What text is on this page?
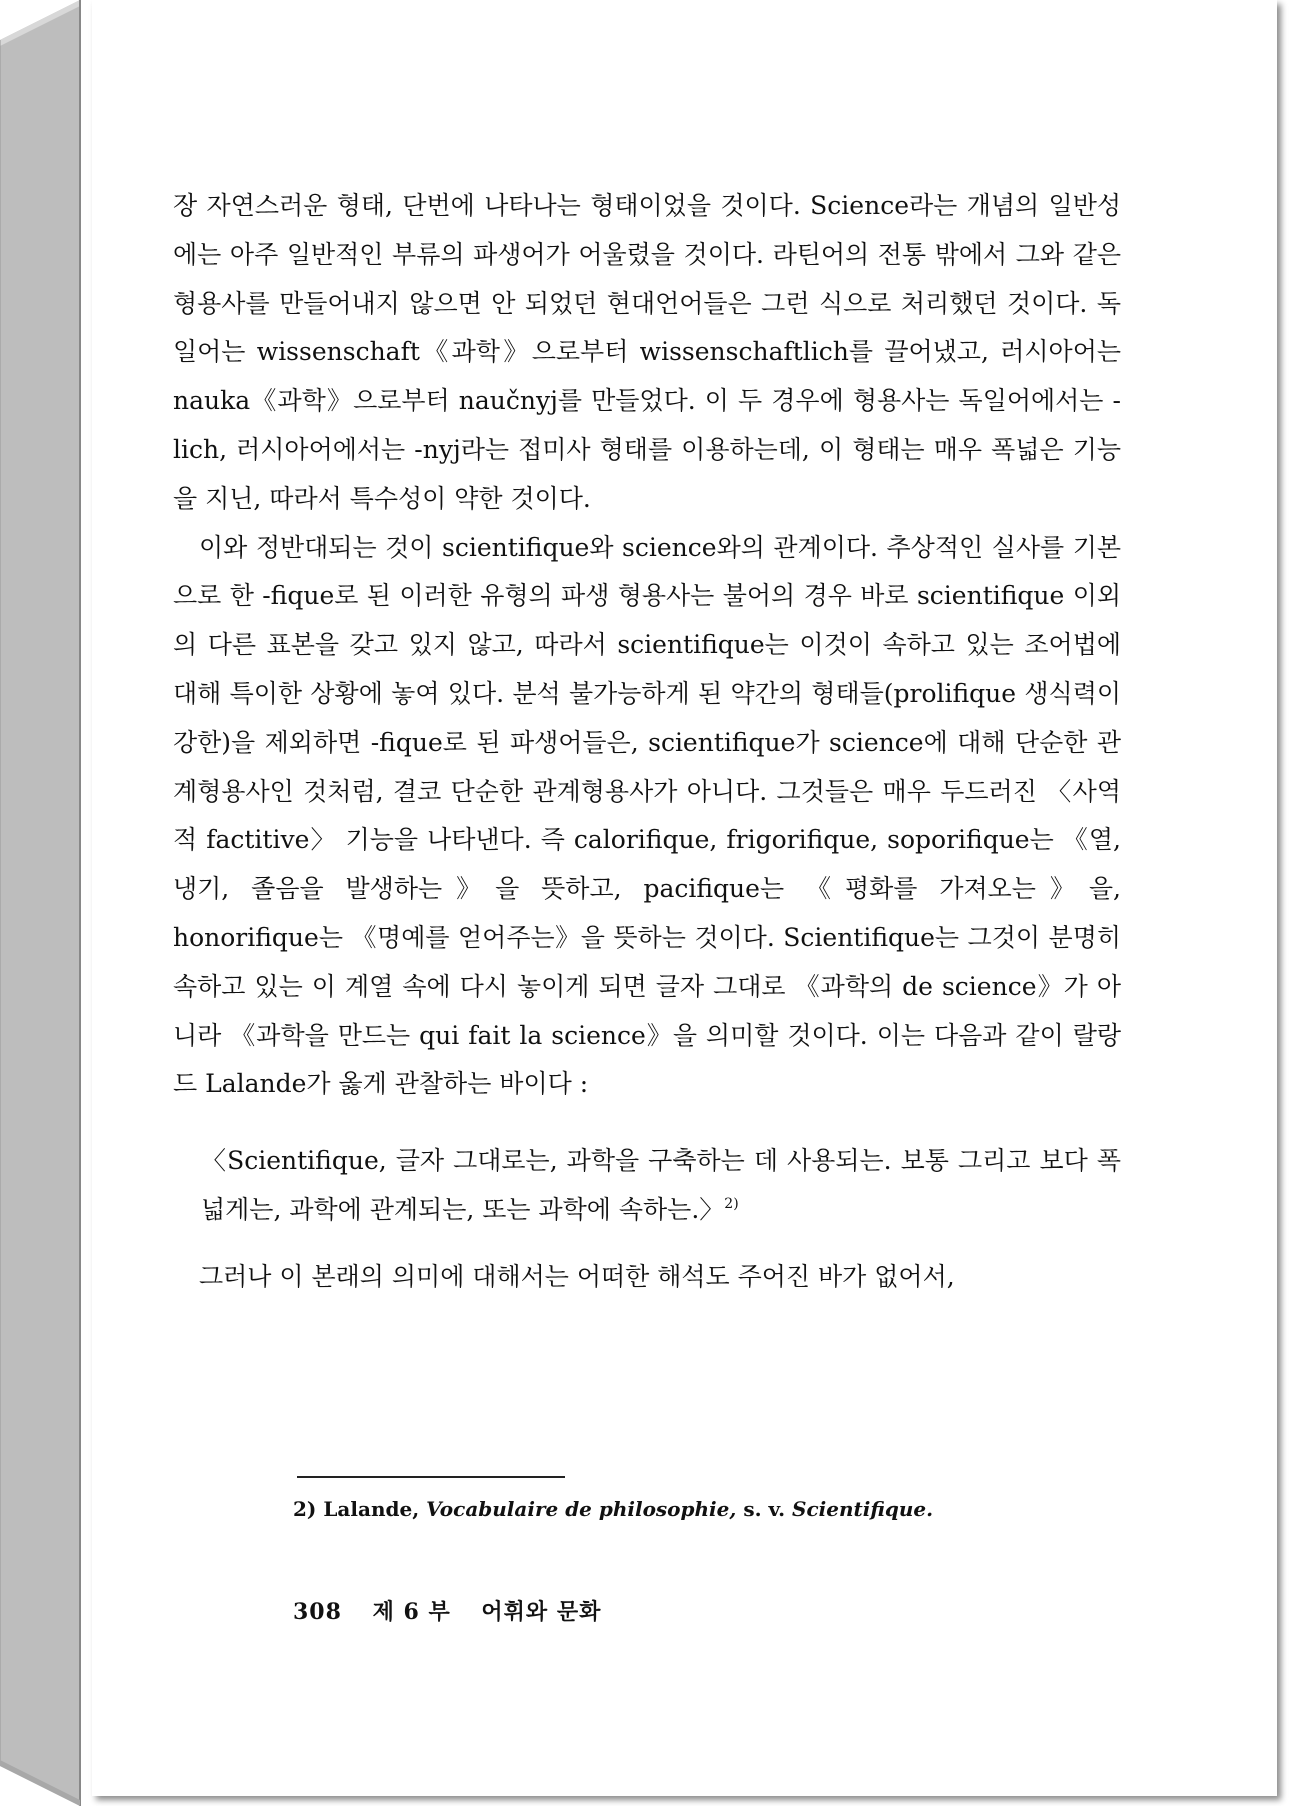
장 자연스러운 형태, 단번에 나타나는 형태이었을 것이다. Science라는 개념의 일반성에는 아주 일반적인 부류의 파생어가 어울렸을 것이다. 라틴어의 전통 밖에서 그와 같은 형용사를 만들어내지 않으면 안 되었던 현대언어들은 그런 식으로 처리했던 것이다. 독일어는 wissenschaft《과학》으로부터 wissenschaftlich를 끌어냈고, 러시아어는 nauka《과학》으로부터 naučnyj를 만들었다. 이 두 경우에 형용사는 독일어에서는 -lich, 러시아어에서는 -nyj라는 접미사 형태를 이용하는데, 이 형태는 매우 폭넓은 기능을 지닌, 따라서 특수성이 약한 것이다.

이와 정반대되는 것이 scientifique와 science와의 관계이다. 추상적인 실사를 기본으로 한 -fique로 된 이러한 유형의 파생 형용사는 불어의 경우 바로 scientifique 이외의 다른 표본을 갖고 있지 않고, 따라서 scientifique는 이것이 속하고 있는 조어법에 대해 특이한 상황에 놓여 있다. 분석 불가능하게 된 약간의 형태들(prolifique 생식력이 강한)을 제외하면 -fique로 된 파생어들은, scientifique가 science에 대해 단순한 관계형용사인 것처럼, 결코 단순한 관계형용사가 아니다. 그것들은 매우 두드러진 〈사역적 factitive〉 기능을 나타낸다. 즉 calorifique, frigorifique, soporifique는 《열, 냉기, 졸음을 발생하는》을 뜻하고, pacifique는 《평화를 가져오는》을, honorifique는 《명예를 얻어주는》을 뜻하는 것이다. Scientifique는 그것이 분명히 속하고 있는 이 계열 속에 다시 놓이게 되면 글자 그대로 《과학의 de science》가 아니라 《과학을 만드는 qui fait la science》을 의미할 것이다. 이는 다음과 같이 랄랑드 Lalande가 옳게 관찰하는 바이다 :

〈Scientifique, 글자 그대로는, 과학을 구축하는 데 사용되는. 보통 그리고 보다 폭넓게는, 과학에 관계되는, 또는 과학에 속하는.〉$^{2)}$

그러나 이 본래의 의미에 대해서는 어떠한 해석도 주어진 바가 없어서,

2) Lalande, Vocabulaire de philosophie, s. v. Scientifique.
308 제 6 부 어휘와 문화
